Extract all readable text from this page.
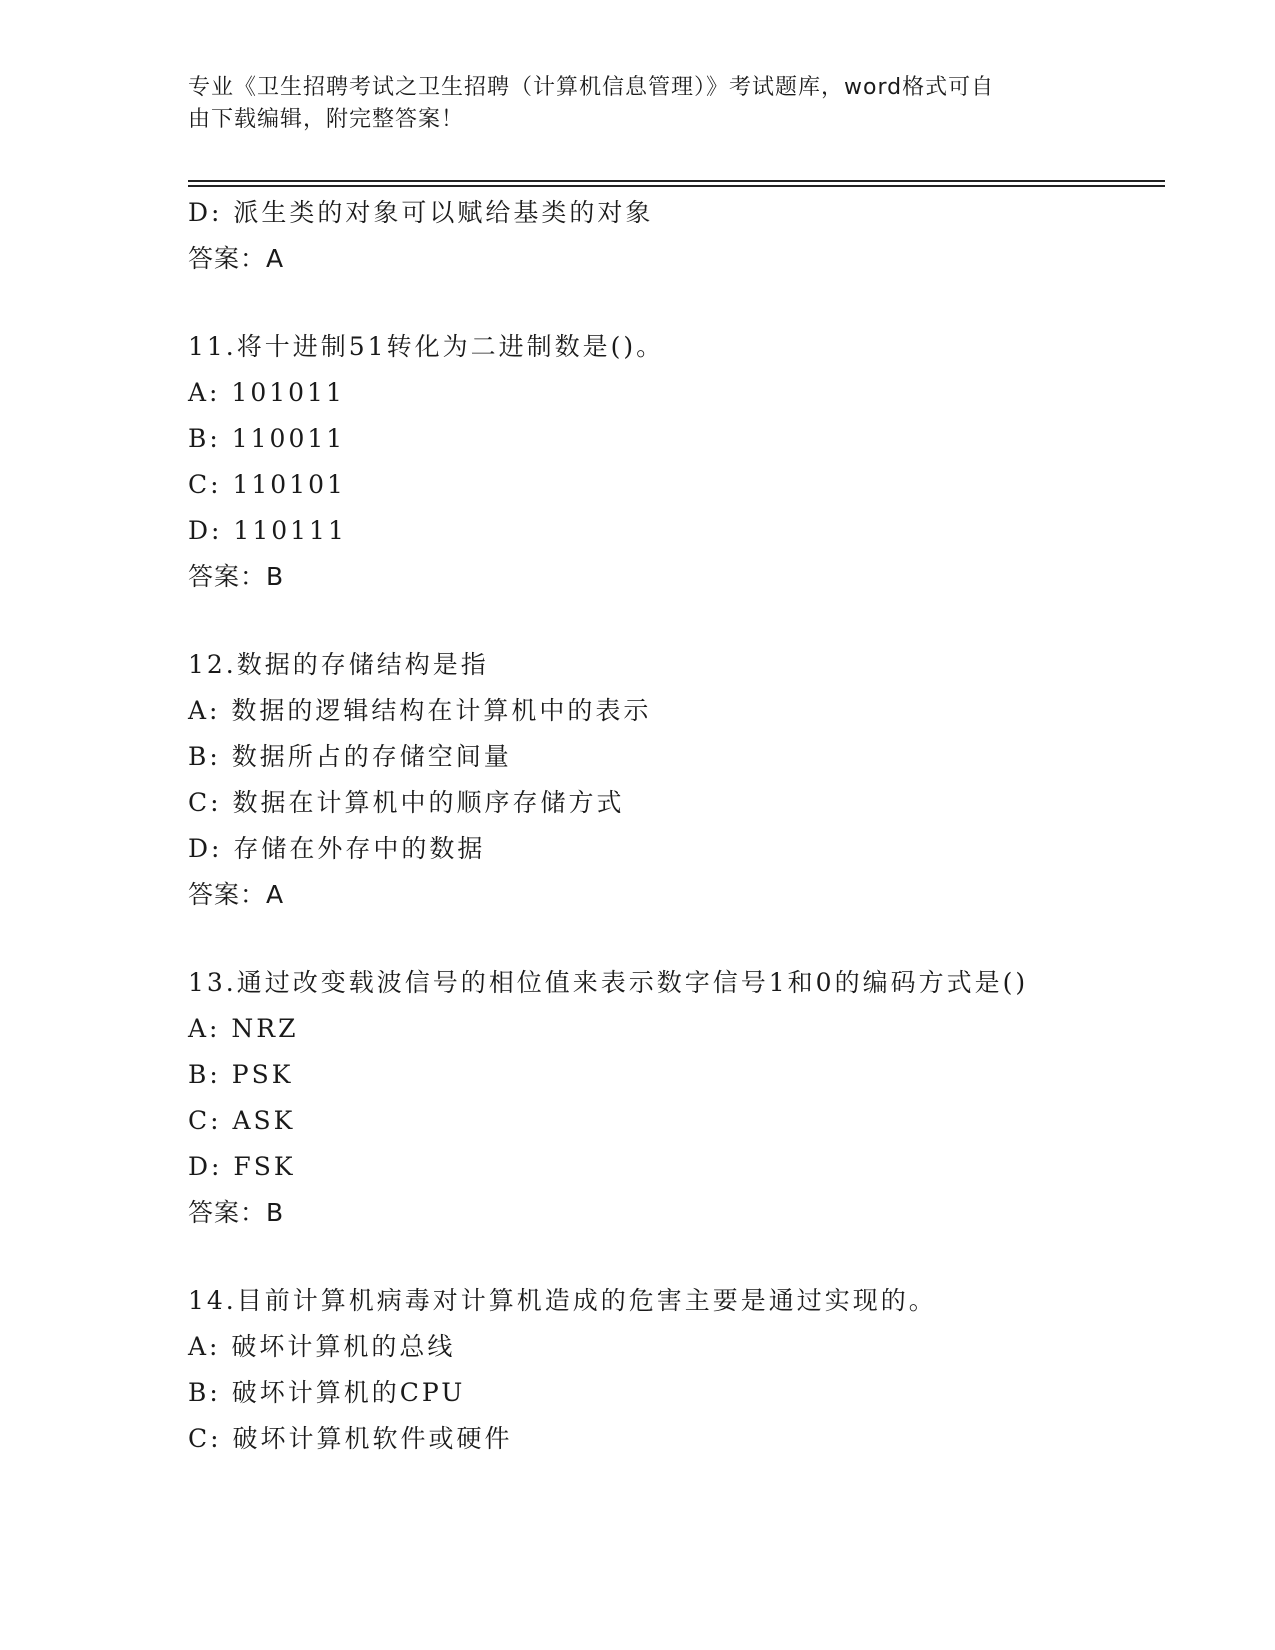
专业《卫生招聘考试之卫生招聘（计算机信息管理）》考试题库，word格式可自
由下载编辑，附完整答案！
D: 派生类的对象可以赋给基类的对象
答案：A
11.将十进制51转化为二进制数是()。
A: 101011
B: 110011
C: 110101
D: 110111
答案：B
12.数据的存储结构是指
A: 数据的逻辑结构在计算机中的表示
B: 数据所占的存储空间量
C: 数据在计算机中的顺序存储方式
D: 存储在外存中的数据
答案：A
13.通过改变载波信号的相位值来表示数字信号1和0的编码方式是()
A: NRZ
B: PSK
C: ASK
D: FSK
答案：B
14.目前计算机病毒对计算机造成的危害主要是通过实现的。
A: 破坏计算机的总线
B: 破坏计算机的CPU
C: 破坏计算机软件或硬件
